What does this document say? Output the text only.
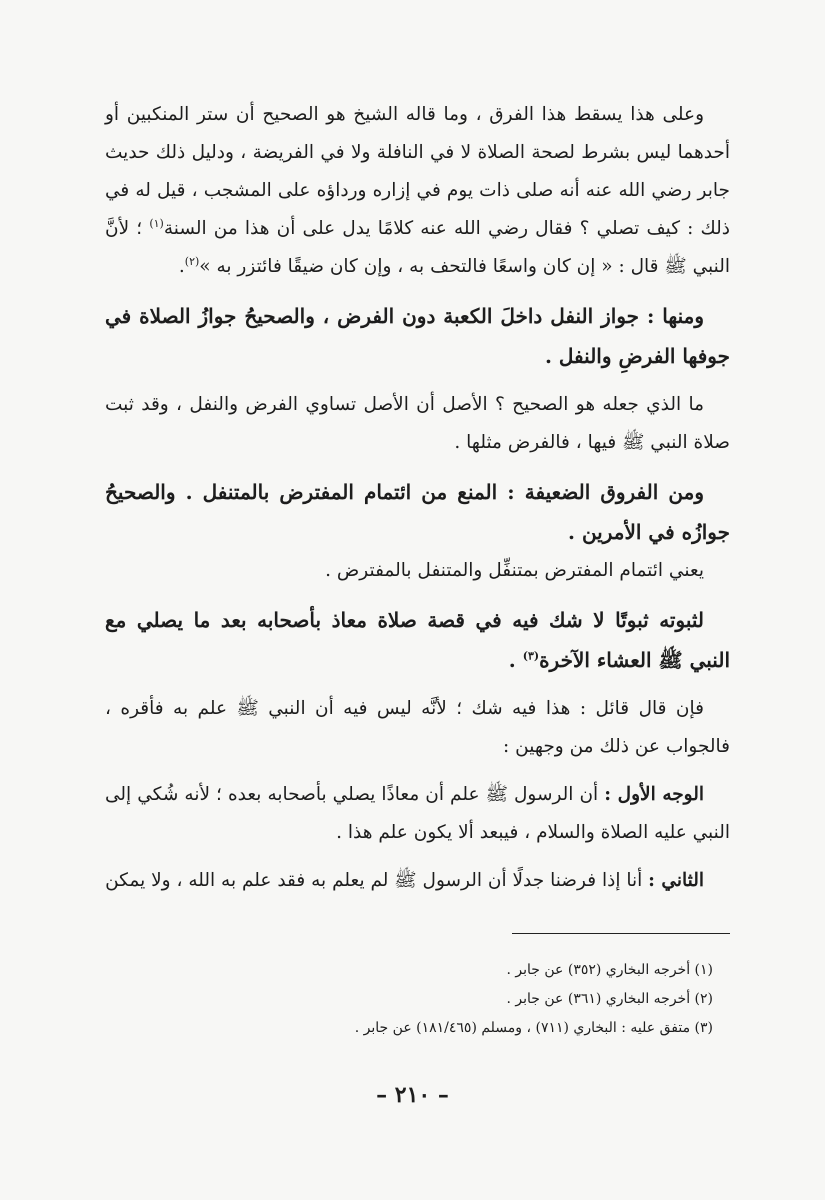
وعلى هذا يسقط هذا الفرق ، وما قاله الشيخ هو الصحيح أن ستر المنكبين أو أحدهما ليس بشرط لصحة الصلاة لا في النافلة ولا في الفريضة ، ودليل ذلك حديث جابر رضي الله عنه أنه صلى ذات يوم في إزاره ورداؤه على المشجب ، قيل له في ذلك : كيف تصلي ؟ فقال رضي الله عنه كلامًا يدل على أن هذا من السنة$^{(١)}$ ؛ لأنَّ النبي ﷺ قال : « إن كان واسعًا فالتحف به ، وإن كان ضيقًا فائتزر به »$^{(٢)}$.

ومنها : جواز النفل داخلَ الكعبة دون الفرض ، والصحيحُ جوازُ الصلاة في جوفها الفرضِ والنفل .

ما الذي جعله هو الصحيح ؟ الأصل أن الأصل تساوي الفرض والنفل ، وقد ثبت صلاة النبي ﷺ فيها ، فالفرض مثلها .

ومن الفروق الضعيفة : المنع من ائتمام المفترض بالمتنفل . والصحيحُ جوازُه في الأمرين .

يعني ائتمام المفترض بمتنفِّل والمتنفل بالمفترض .

لثبوته ثبوتًا لا شك فيه في قصة صلاة معاذ بأصحابه بعد ما يصلي مع النبي ﷺ العشاء الآخرة$^{(٣)}$ .

فإن قال قائل : هذا فيه شك ؛ لأنَّه ليس فيه أن النبي ﷺ علم به فأقره ، فالجواب عن ذلك من وجهين :

الوجه الأول : أن الرسول ﷺ علم أن معاذًا يصلي بأصحابه بعده ؛ لأنه شُكي إلى النبي عليه الصلاة والسلام ، فيبعد ألا يكون علم هذا .

الثاني : أنا إذا فرضنا جدلًا أن الرسول ﷺ لم يعلم به فقد علم به الله ، ولا يمكن

(١) أخرجه البخاري (٣٥٢) عن جابر .

(٢) أخرجه البخاري (٣٦١) عن جابر .

(٣) متفق عليه : البخاري (٧١١) ، ومسلم (١٨١/٤٦٥) عن جابر .

– ٢١٠ –
